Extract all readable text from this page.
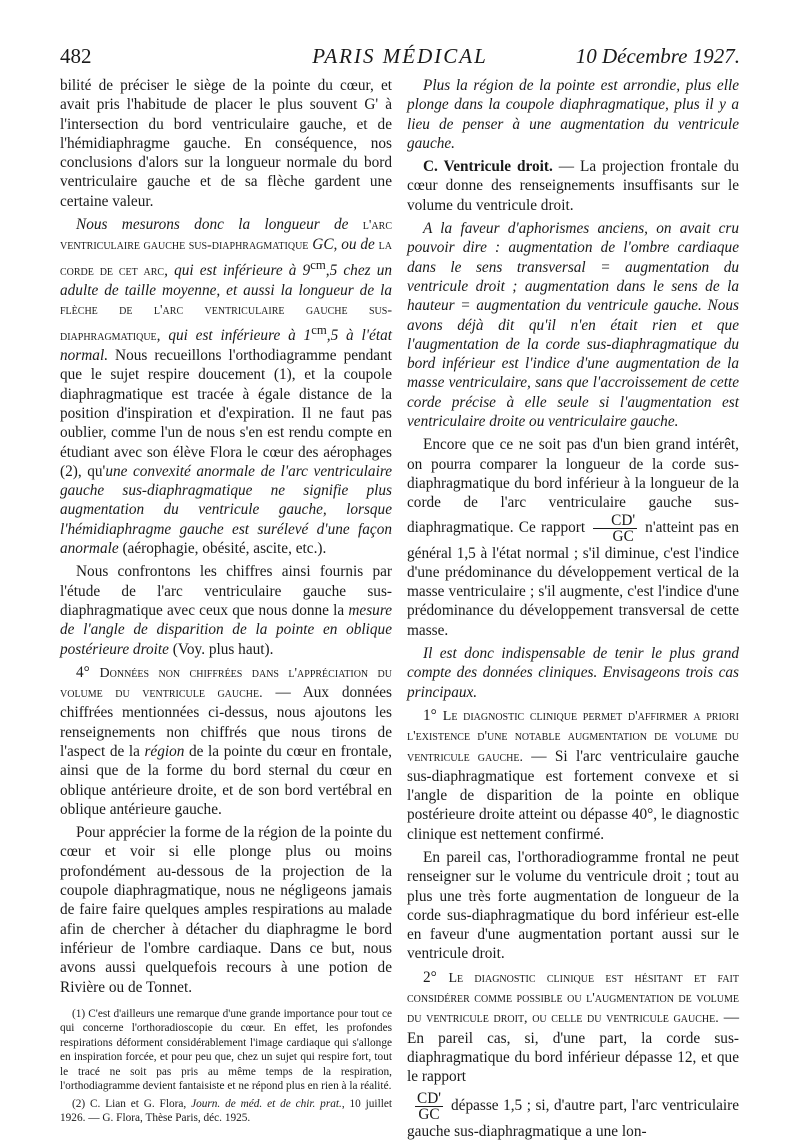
482	PARIS MÉDICAL	10 Décembre 1927.

bilité de préciser le siège de la pointe du cœur, et avait pris l'habitude de placer le plus souvent G' à l'intersection du bord ventriculaire gauche, et de l'hémidiaphragme gauche. En conséquence, nos conclusions d'alors sur la longueur normale du bord ventriculaire gauche et de sa flèche gardent une certaine valeur.

Nous mesurons donc la longueur de l'arc ventriculaire gauche sus-diaphragmatique GC, ou de la corde de cet arc, qui est inférieure à $9^{cm},5$ chez un adulte de taille moyenne, et aussi la longueur de la flèche de l'arc ventriculaire gauche sus-diaphragmatique, qui est inférieure à $1^{cm},5$ à l'état normal. Nous recueillons l'orthodiagramme pendant que le sujet respire doucement (1), et la coupole diaphragmatique est tracée à égale distance de la position d'inspiration et d'expiration. Il ne faut pas oublier, comme l'un de nous s'en est rendu compte en étudiant avec son élève Flora le cœur des aérophages (2), qu'une convexité anormale de l'arc ventriculaire gauche sus-diaphragmatique ne signifie plus augmentation du ventricule gauche, lorsque l'hémidiaphragme gauche est surélevé d'une façon anormale (aérophagie, obésité, ascite, etc.).

Nous confrontons les chiffres ainsi fournis par l'étude de l'arc ventriculaire gauche sus-diaphragmatique avec ceux que nous donne la mesure de l'angle de disparition de la pointe en oblique postérieure droite (Voy. plus haut).

4° Données non chiffrées dans l'appréciation du volume du ventricule gauche. — Aux données chiffrées mentionnées ci-dessus, nous ajoutons les renseignements non chiffrés que nous tirons de l'aspect de la région de la pointe du cœur en frontale, ainsi que de la forme du bord sternal du cœur en oblique antérieure droite, et de son bord vertébral en oblique antérieure gauche.

Pour apprécier la forme de la région de la pointe du cœur et voir si elle plonge plus ou moins profondément au-dessous de la projection de la coupole diaphragmatique, nous ne négligeons jamais de faire faire quelques amples respirations au malade afin de chercher à détacher du diaphragme le bord inférieur de l'ombre cardiaque. Dans ce but, nous avons aussi quelquefois recours à une potion de Rivière ou de Tonnet.

(1) C'est d'ailleurs une remarque d'une grande importance pour tout ce qui concerne l'orthoradioscopie du cœur. En effet, les profondes respirations déforment considérablement l'image cardiaque qui s'allonge en inspiration forcée, et pour peu que, chez un sujet qui respire fort, tout le tracé ne soit pas pris au même temps de la respiration, l'orthodiagramme devient fantaisiste et ne répond plus en rien à la réalité.

(2) C. Lian et G. Flora, Journ. de méd. et de chir. prat., 10 juillet 1926. — G. Flora, Thèse Paris, déc. 1925.

Plus la région de la pointe est arrondie, plus elle plonge dans la coupole diaphragmatique, plus il y a lieu de penser à une augmentation du ventricule gauche.

C. Ventricule droit. — La projection frontale du cœur donne des renseignements insuffisants sur le volume du ventricule droit.

A la faveur d'aphorismes anciens, on avait cru pouvoir dire : augmentation de l'ombre cardiaque dans le sens transversal = augmentation du ventricule droit ; augmentation dans le sens de la hauteur = augmentation du ventricule gauche. Nous avons déjà dit qu'il n'en était rien et que l'augmentation de la corde sus-diaphragmatique du bord inférieur est l'indice d'une augmentation de la masse ventriculaire, sans que l'accroissement de cette corde précise à elle seule si l'augmentation est ventriculaire droite ou ventriculaire gauche.

Encore que ce ne soit pas d'un bien grand intérêt, on pourra comparer la longueur de la corde sus-diaphragmatique du bord inférieur à la longueur de la corde de l'arc ventriculaire gauche sus-diaphragmatique. Ce rapport $\frac{CD'}{GC}$ n'atteint pas en général 1,5 à l'état normal ; s'il diminue, c'est l'indice d'une prédominance du développement vertical de la masse ventriculaire ; s'il augmente, c'est l'indice d'une prédominance du développement transversal de cette masse.

Il est donc indispensable de tenir le plus grand compte des données cliniques. Envisageons trois cas principaux.

1° Le diagnostic clinique permet d'affirmer a priori l'existence d'une notable augmentation de volume du ventricule gauche. — Si l'arc ventriculaire gauche sus-diaphragmatique est fortement convexe et si l'angle de disparition de la pointe en oblique postérieure droite atteint ou dépasse 40°, le diagnostic clinique est nettement confirmé.

En pareil cas, l'orthoradiogramme frontal ne peut renseigner sur le volume du ventricule droit ; tout au plus une très forte augmentation de longueur de la corde sus-diaphragmatique du bord inférieur est-elle en faveur d'une augmentation portant aussi sur le ventricule droit.

2° Le diagnostic clinique est hésitant et fait considérer comme possible ou l'augmentation de volume du ventricule droit, ou celle du ventricule gauche. — En pareil cas, si, d'une part, la corde sus-diaphragmatique du bord inférieur dépasse 12, et que le rapport

$\frac{CD'}{GC}$ dépasse 1,5 ; si, d'autre part, l'arc ventriculaire gauche sus-diaphragmatique a une lon-
